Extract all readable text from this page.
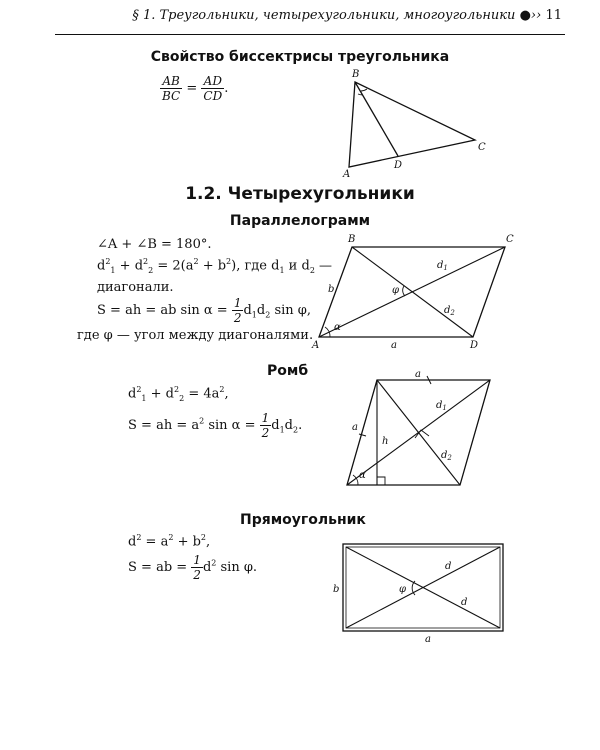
§ 1. Треугольники, четырехугольники, многоугольники ●›› 11
Свойство биссектрисы треугольника
$\frac{AB}{BC} = \frac{AD}{CD}$ .
B
C
A
D
1.2. Четырехугольники
Параллелограмм
∠A + ∠B = 180°.
$d^2_1 + d^2_2 = 2(a^2 + b^2)$, где $d_1$ и $d_2$ —
диагонали.
S = ah = ab $\sin \alpha = \frac{1}{2} d_1d_2$ sin φ,
где φ — угол между диагоналями.
B	C
A	D
a
b
$d_1$
$d_2$
α
φ
Ромб
$d^2_1 + d^2_2 = 4a^2$,
S = ah = $a^2$ $\sin \alpha = \frac{1}{2} d_1d_2$.
a
a
h
$d_1$
$d_2$
α
Прямоугольник
$d^2 = a^2 + b^2$,
S = ab = $\frac{1}{2} d^2$ sin φ.
b
a
d
d
φ
